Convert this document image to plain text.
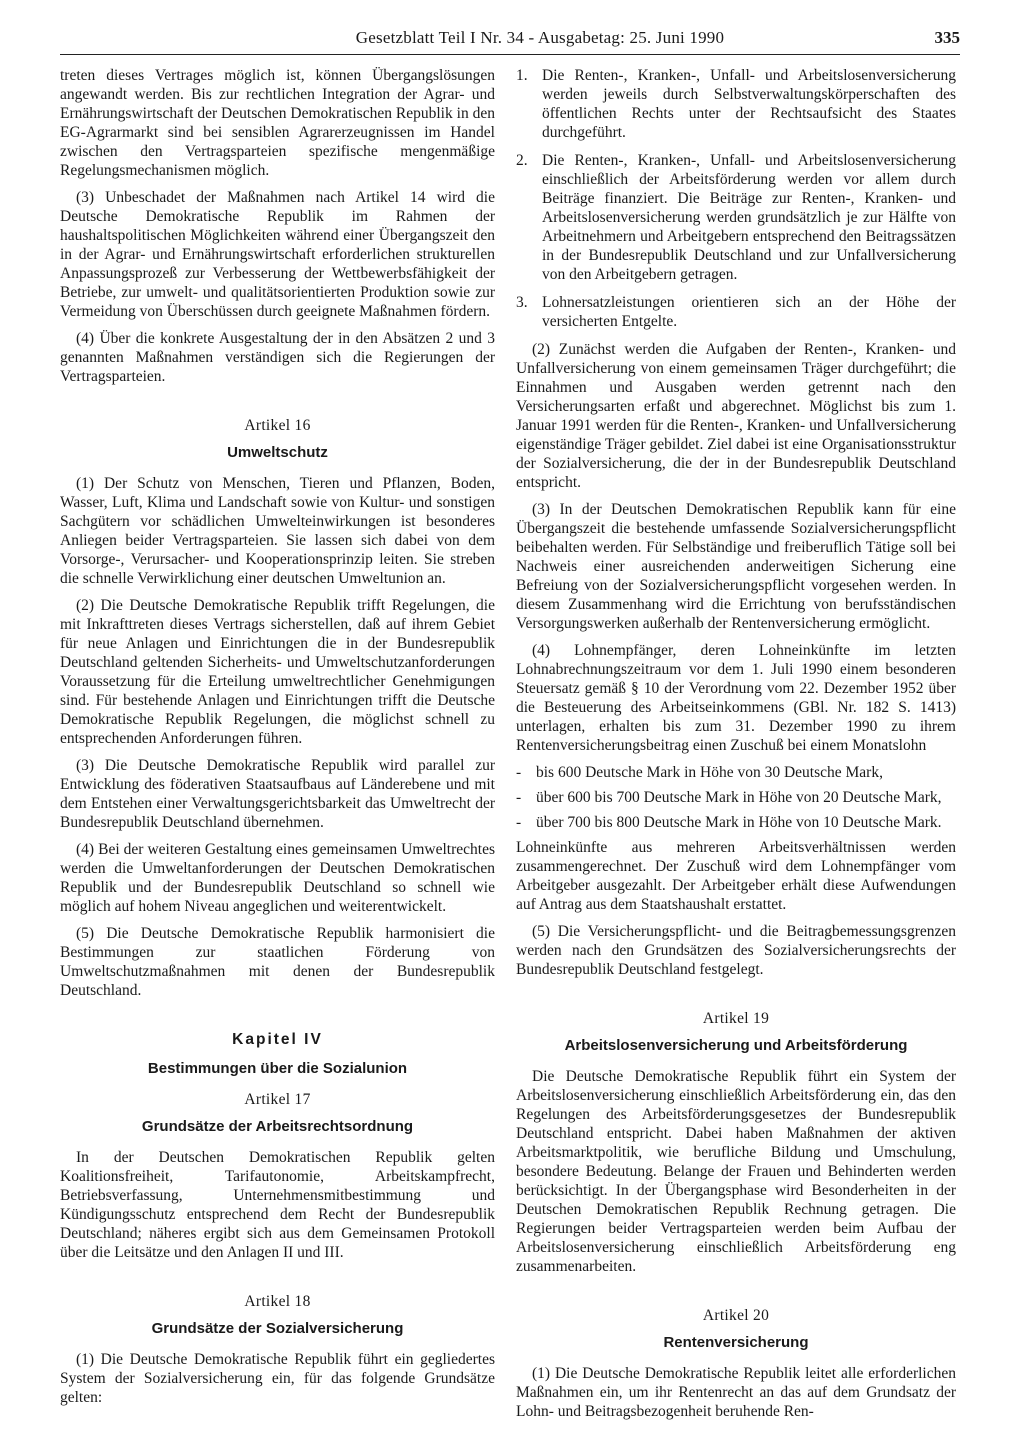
Gesetzblatt Teil I Nr. 34 - Ausgabetag: 25. Juni 1990	335

treten dieses Vertrages möglich ist, können Übergangslösungen angewandt werden. Bis zur rechtlichen Integration der Agrar- und Ernährungswirtschaft der Deutschen Demokratischen Republik in den EG-Agrarmarkt sind bei sensiblen Agrarerzeugnissen im Handel zwischen den Vertragsparteien spezifische mengenmäßige Regelungsmechanismen möglich.

(3) Unbeschadet der Maßnahmen nach Artikel 14 wird die Deutsche Demokratische Republik im Rahmen der haushaltspolitischen Möglichkeiten während einer Übergangszeit den in der Agrar- und Ernährungswirtschaft erforderlichen strukturellen Anpassungsprozeß zur Verbesserung der Wettbewerbsfähigkeit der Betriebe, zur umwelt- und qualitätsorientierten Produktion sowie zur Vermeidung von Überschüssen durch geeignete Maßnahmen fördern.

(4) Über die konkrete Ausgestaltung der in den Absätzen 2 und 3 genannten Maßnahmen verständigen sich die Regierungen der Vertragsparteien.

Artikel 16
Umweltschutz

(1) Der Schutz von Menschen, Tieren und Pflanzen, Boden, Wasser, Luft, Klima und Landschaft sowie von Kultur- und sonstigen Sachgütern vor schädlichen Umwelteinwirkungen ist besonderes Anliegen beider Vertragsparteien. Sie lassen sich dabei von dem Vorsorge-, Verursacher- und Kooperationsprinzip leiten. Sie streben die schnelle Verwirklichung einer deutschen Umweltunion an.

(2) Die Deutsche Demokratische Republik trifft Regelungen, die mit Inkrafttreten dieses Vertrags sicherstellen, daß auf ihrem Gebiet für neue Anlagen und Einrichtungen die in der Bundesrepublik Deutschland geltenden Sicherheits- und Umweltschutzanforderungen Voraussetzung für die Erteilung umweltrechtlicher Genehmigungen sind. Für bestehende Anlagen und Einrichtungen trifft die Deutsche Demokratische Republik Regelungen, die möglichst schnell zu entsprechenden Anforderungen führen.

(3) Die Deutsche Demokratische Republik wird parallel zur Entwicklung des föderativen Staatsaufbaus auf Länderebene und mit dem Entstehen einer Verwaltungsgerichtsbarkeit das Umweltrecht der Bundesrepublik Deutschland übernehmen.

(4) Bei der weiteren Gestaltung eines gemeinsamen Umweltrechtes werden die Umweltanforderungen der Deutschen Demokratischen Republik und der Bundesrepublik Deutschland so schnell wie möglich auf hohem Niveau angeglichen und weiterentwickelt.

(5) Die Deutsche Demokratische Republik harmonisiert die Bestimmungen zur staatlichen Förderung von Umweltschutzmaßnahmen mit denen der Bundesrepublik Deutschland.

Kapitel IV
Bestimmungen über die Sozialunion
Artikel 17
Grundsätze der Arbeitsrechtsordnung

In der Deutschen Demokratischen Republik gelten Koalitionsfreiheit, Tarifautonomie, Arbeitskampfrecht, Betriebsverfassung, Unternehmensmitbestimmung und Kündigungsschutz entsprechend dem Recht der Bundesrepublik Deutschland; näheres ergibt sich aus dem Gemeinsamen Protokoll über die Leitsätze und den Anlagen II und III.

Artikel 18
Grundsätze der Sozialversicherung

(1) Die Deutsche Demokratische Republik führt ein gegliedertes System der Sozialversicherung ein, für das folgende Grundsätze gelten:

1. Die Renten-, Kranken-, Unfall- und Arbeitslosenversicherung werden jeweils durch Selbstverwaltungskörperschaften des öffentlichen Rechts unter der Rechtsaufsicht des Staates durchgeführt.
2. Die Renten-, Kranken-, Unfall- und Arbeitslosenversicherung einschließlich der Arbeitsförderung werden vor allem durch Beiträge finanziert. Die Beiträge zur Renten-, Kranken- und Arbeitslosenversicherung werden grundsätzlich je zur Hälfte von Arbeitnehmern und Arbeitgebern entsprechend den Beitragssätzen in der Bundesrepublik Deutschland und zur Unfallversicherung von den Arbeitgebern getragen.
3. Lohnersatzleistungen orientieren sich an der Höhe der versicherten Entgelte.

(2) Zunächst werden die Aufgaben der Renten-, Kranken- und Unfallversicherung von einem gemeinsamen Träger durchgeführt; die Einnahmen und Ausgaben werden getrennt nach den Versicherungsarten erfaßt und abgerechnet. Möglichst bis zum 1. Januar 1991 werden für die Renten-, Kranken- und Unfallversicherung eigenständige Träger gebildet. Ziel dabei ist eine Organisationsstruktur der Sozialversicherung, die der in der Bundesrepublik Deutschland entspricht.

(3) In der Deutschen Demokratischen Republik kann für eine Übergangszeit die bestehende umfassende Sozialversicherungspflicht beibehalten werden. Für Selbständige und freiberuflich Tätige soll bei Nachweis einer ausreichenden anderweitigen Sicherung eine Befreiung von der Sozialversicherungspflicht vorgesehen werden. In diesem Zusammenhang wird die Errichtung von berufsständischen Versorgungswerken außerhalb der Rentenversicherung ermöglicht.

(4) Lohnempfänger, deren Lohneinkünfte im letzten Lohnabrechnungszeitraum vor dem 1. Juli 1990 einem besonderen Steuersatz gemäß § 10 der Verordnung vom 22. Dezember 1952 über die Besteuerung des Arbeitseinkommens (GBl. Nr. 182 S. 1413) unterlagen, erhalten bis zum 31. Dezember 1990 zu ihrem Rentenversicherungsbeitrag einen Zuschuß bei einem Monatslohn

- bis 600 Deutsche Mark in Höhe von 30 Deutsche Mark,
- über 600 bis 700 Deutsche Mark in Höhe von 20 Deutsche Mark,
- über 700 bis 800 Deutsche Mark in Höhe von 10 Deutsche Mark.

Lohneinkünfte aus mehreren Arbeitsverhältnissen werden zusammengerechnet. Der Zuschuß wird dem Lohnempfänger vom Arbeitgeber ausgezahlt. Der Arbeitgeber erhält diese Aufwendungen auf Antrag aus dem Staatshaushalt erstattet.

(5) Die Versicherungspflicht- und die Beitragbemessungsgrenzen werden nach den Grundsätzen des Sozialversicherungsrechts der Bundesrepublik Deutschland festgelegt.

Artikel 19
Arbeitslosenversicherung und Arbeitsförderung

Die Deutsche Demokratische Republik führt ein System der Arbeitslosenversicherung einschließlich Arbeitsförderung ein, das den Regelungen des Arbeitsförderungsgesetzes der Bundesrepublik Deutschland entspricht. Dabei haben Maßnahmen der aktiven Arbeitsmarktpolitik, wie berufliche Bildung und Umschulung, besondere Bedeutung. Belange der Frauen und Behinderten werden berücksichtigt. In der Übergangsphase wird Besonderheiten in der Deutschen Demokratischen Republik Rechnung getragen. Die Regierungen beider Vertragsparteien werden beim Aufbau der Arbeitslosenversicherung einschließlich Arbeitsförderung eng zusammenarbeiten.

Artikel 20
Rentenversicherung

(1) Die Deutsche Demokratische Republik leitet alle erforderlichen Maßnahmen ein, um ihr Rentenrecht an das auf dem Grundsatz der Lohn- und Beitragsbezogenheit beruhende Ren-
